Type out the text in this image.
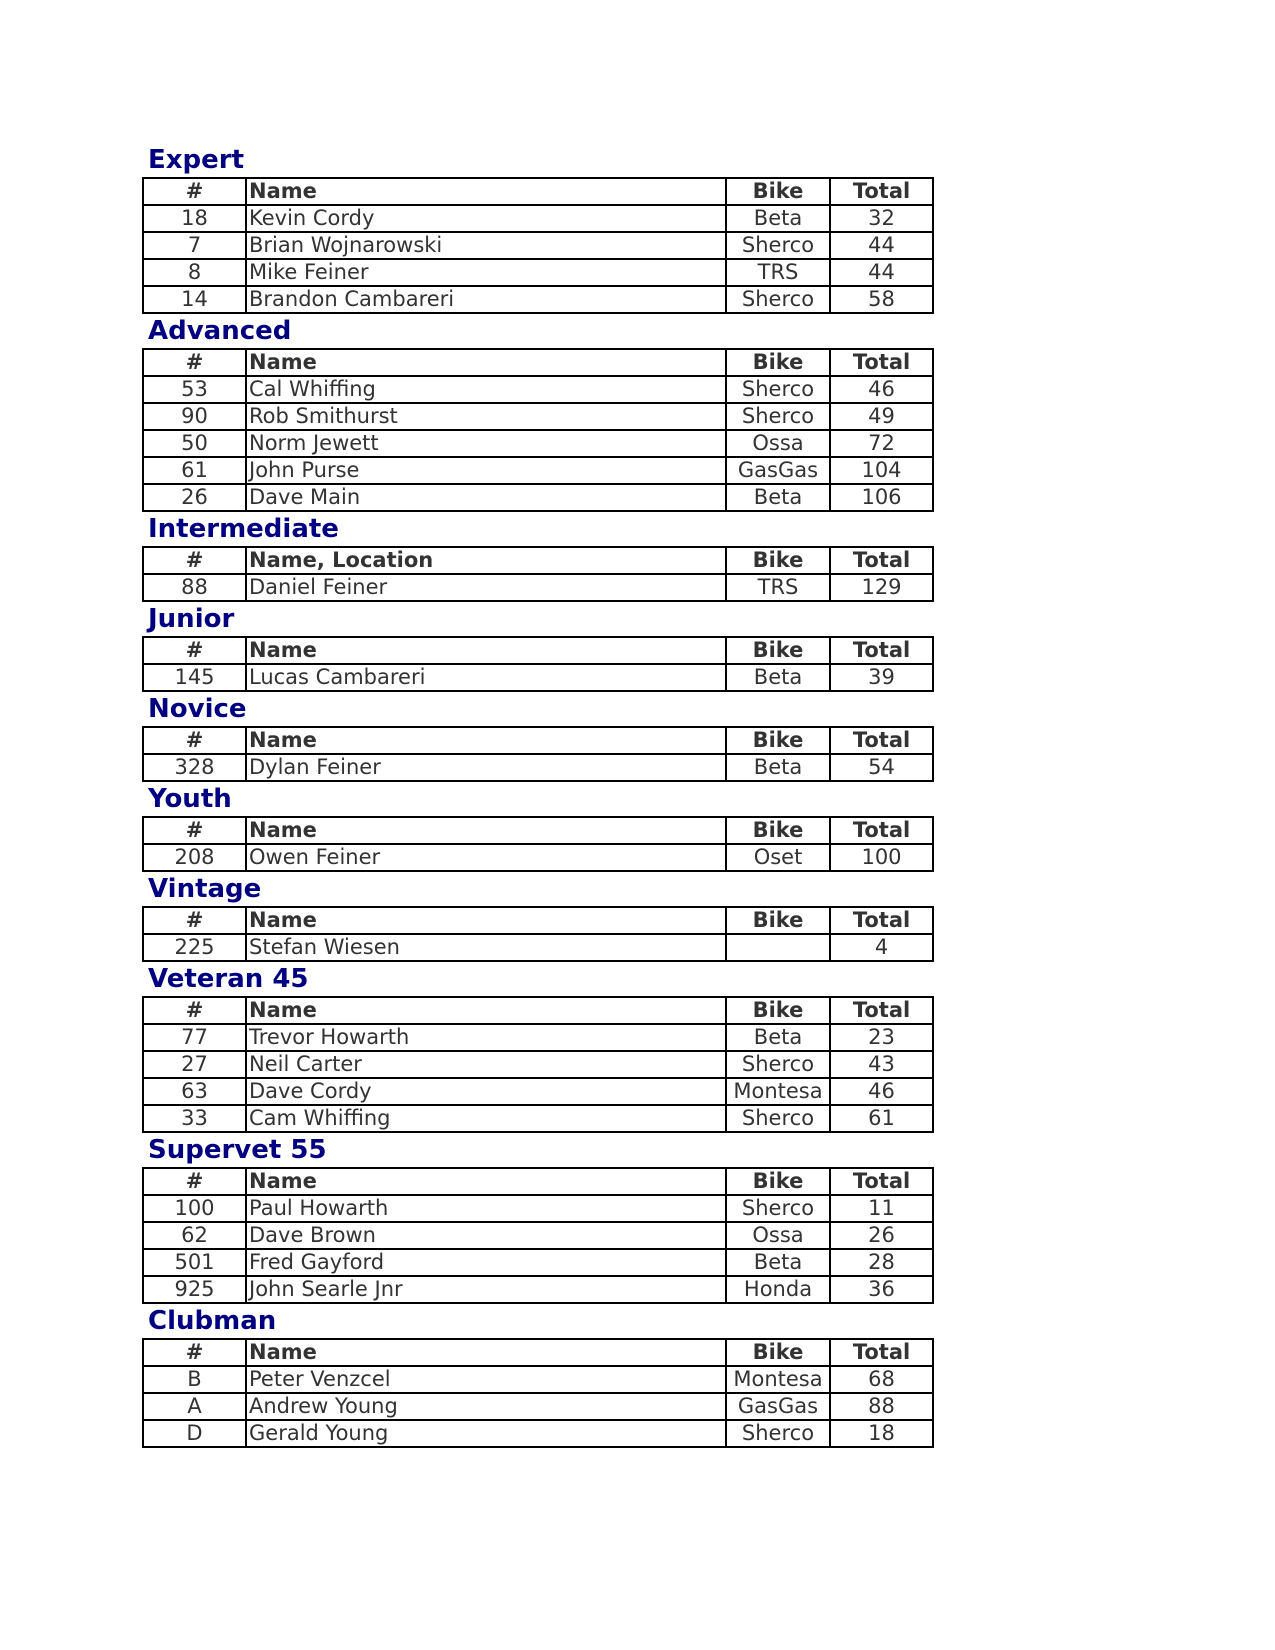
Expert
#	Name	Bike	Total
18	Kevin Cordy	Beta	32
7	Brian Wojnarowski	Sherco	44
8	Mike Feiner	TRS	44
14	Brandon Cambareri	Sherco	58
Advanced
#	Name	Bike	Total
53	Cal Whiffing	Sherco	46
90	Rob Smithurst	Sherco	49
50	Norm Jewett	Ossa	72
61	John Purse	GasGas	104
26	Dave Main	Beta	106
Intermediate
#	Name, Location	Bike	Total
88	Daniel Feiner	TRS	129
Junior
#	Name	Bike	Total
145	Lucas Cambareri	Beta	39
Novice
#	Name	Bike	Total
328	Dylan Feiner	Beta	54
Youth
#	Name	Bike	Total
208	Owen Feiner	Oset	100
Vintage
#	Name	Bike	Total
225	Stefan Wiesen		4
Veteran 45
#	Name	Bike	Total
77	Trevor Howarth	Beta	23
27	Neil Carter	Sherco	43
63	Dave Cordy	Montesa	46
33	Cam Whiffing	Sherco	61
Supervet 55
#	Name	Bike	Total
100	Paul Howarth	Sherco	11
62	Dave Brown	Ossa	26
501	Fred Gayford	Beta	28
925	John Searle Jnr	Honda	36
Clubman
#	Name	Bike	Total
B	Peter Venzcel	Montesa	68
A	Andrew Young	GasGas	88
D	Gerald Young	Sherco	18
